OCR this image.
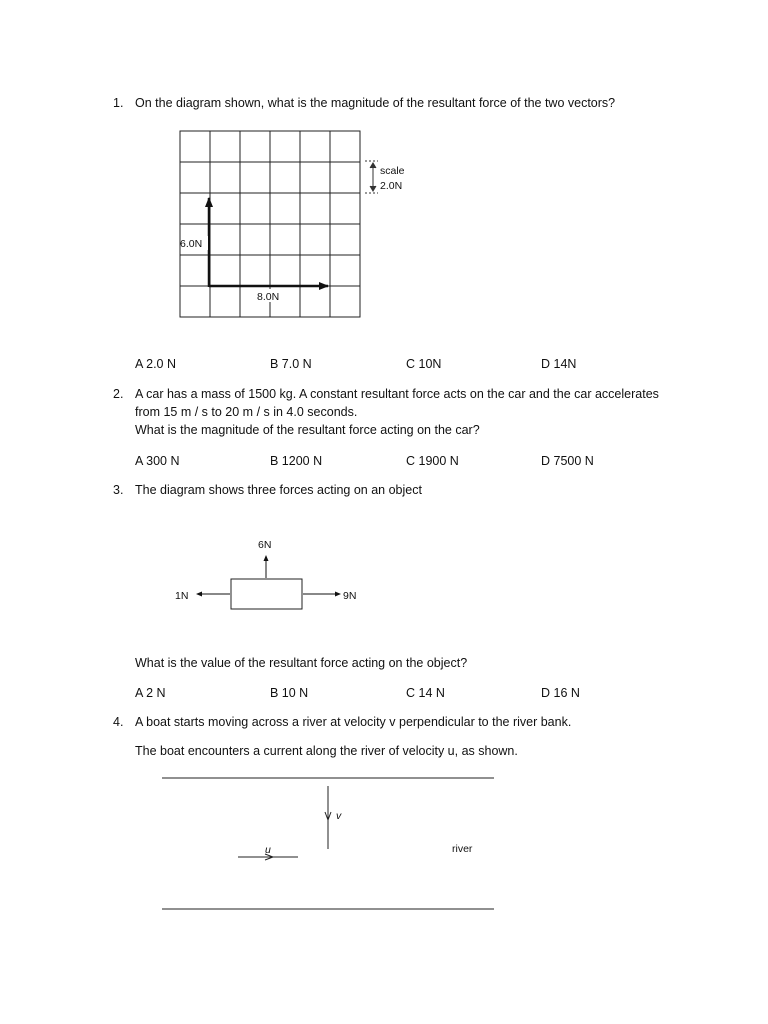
1. On the diagram shown, what is the magnitude of the resultant force of the two vectors?
scale
2.0N
6.0N
8.0N
A 2.0 N	B 7.0 N	C 10N	D 14N
2. A car has a mass of 1500 kg. A constant resultant force acts on the car and the car accelerates
from 15 m / s to 20 m / s in 4.0 seconds.
What is the magnitude of the resultant force acting on the car?
A 300 N	B 1200 N	C 1900 N	D 7500 N
3. The diagram shows three forces acting on an object
6N
1N	9N
What is the value of the resultant force acting on the object?
A 2 N	B 10 N	C 14 N	D 16 N
4. A boat starts moving across a river at velocity v perpendicular to the river bank.
The boat encounters a current along the river of velocity u, as shown.
v
u	river
